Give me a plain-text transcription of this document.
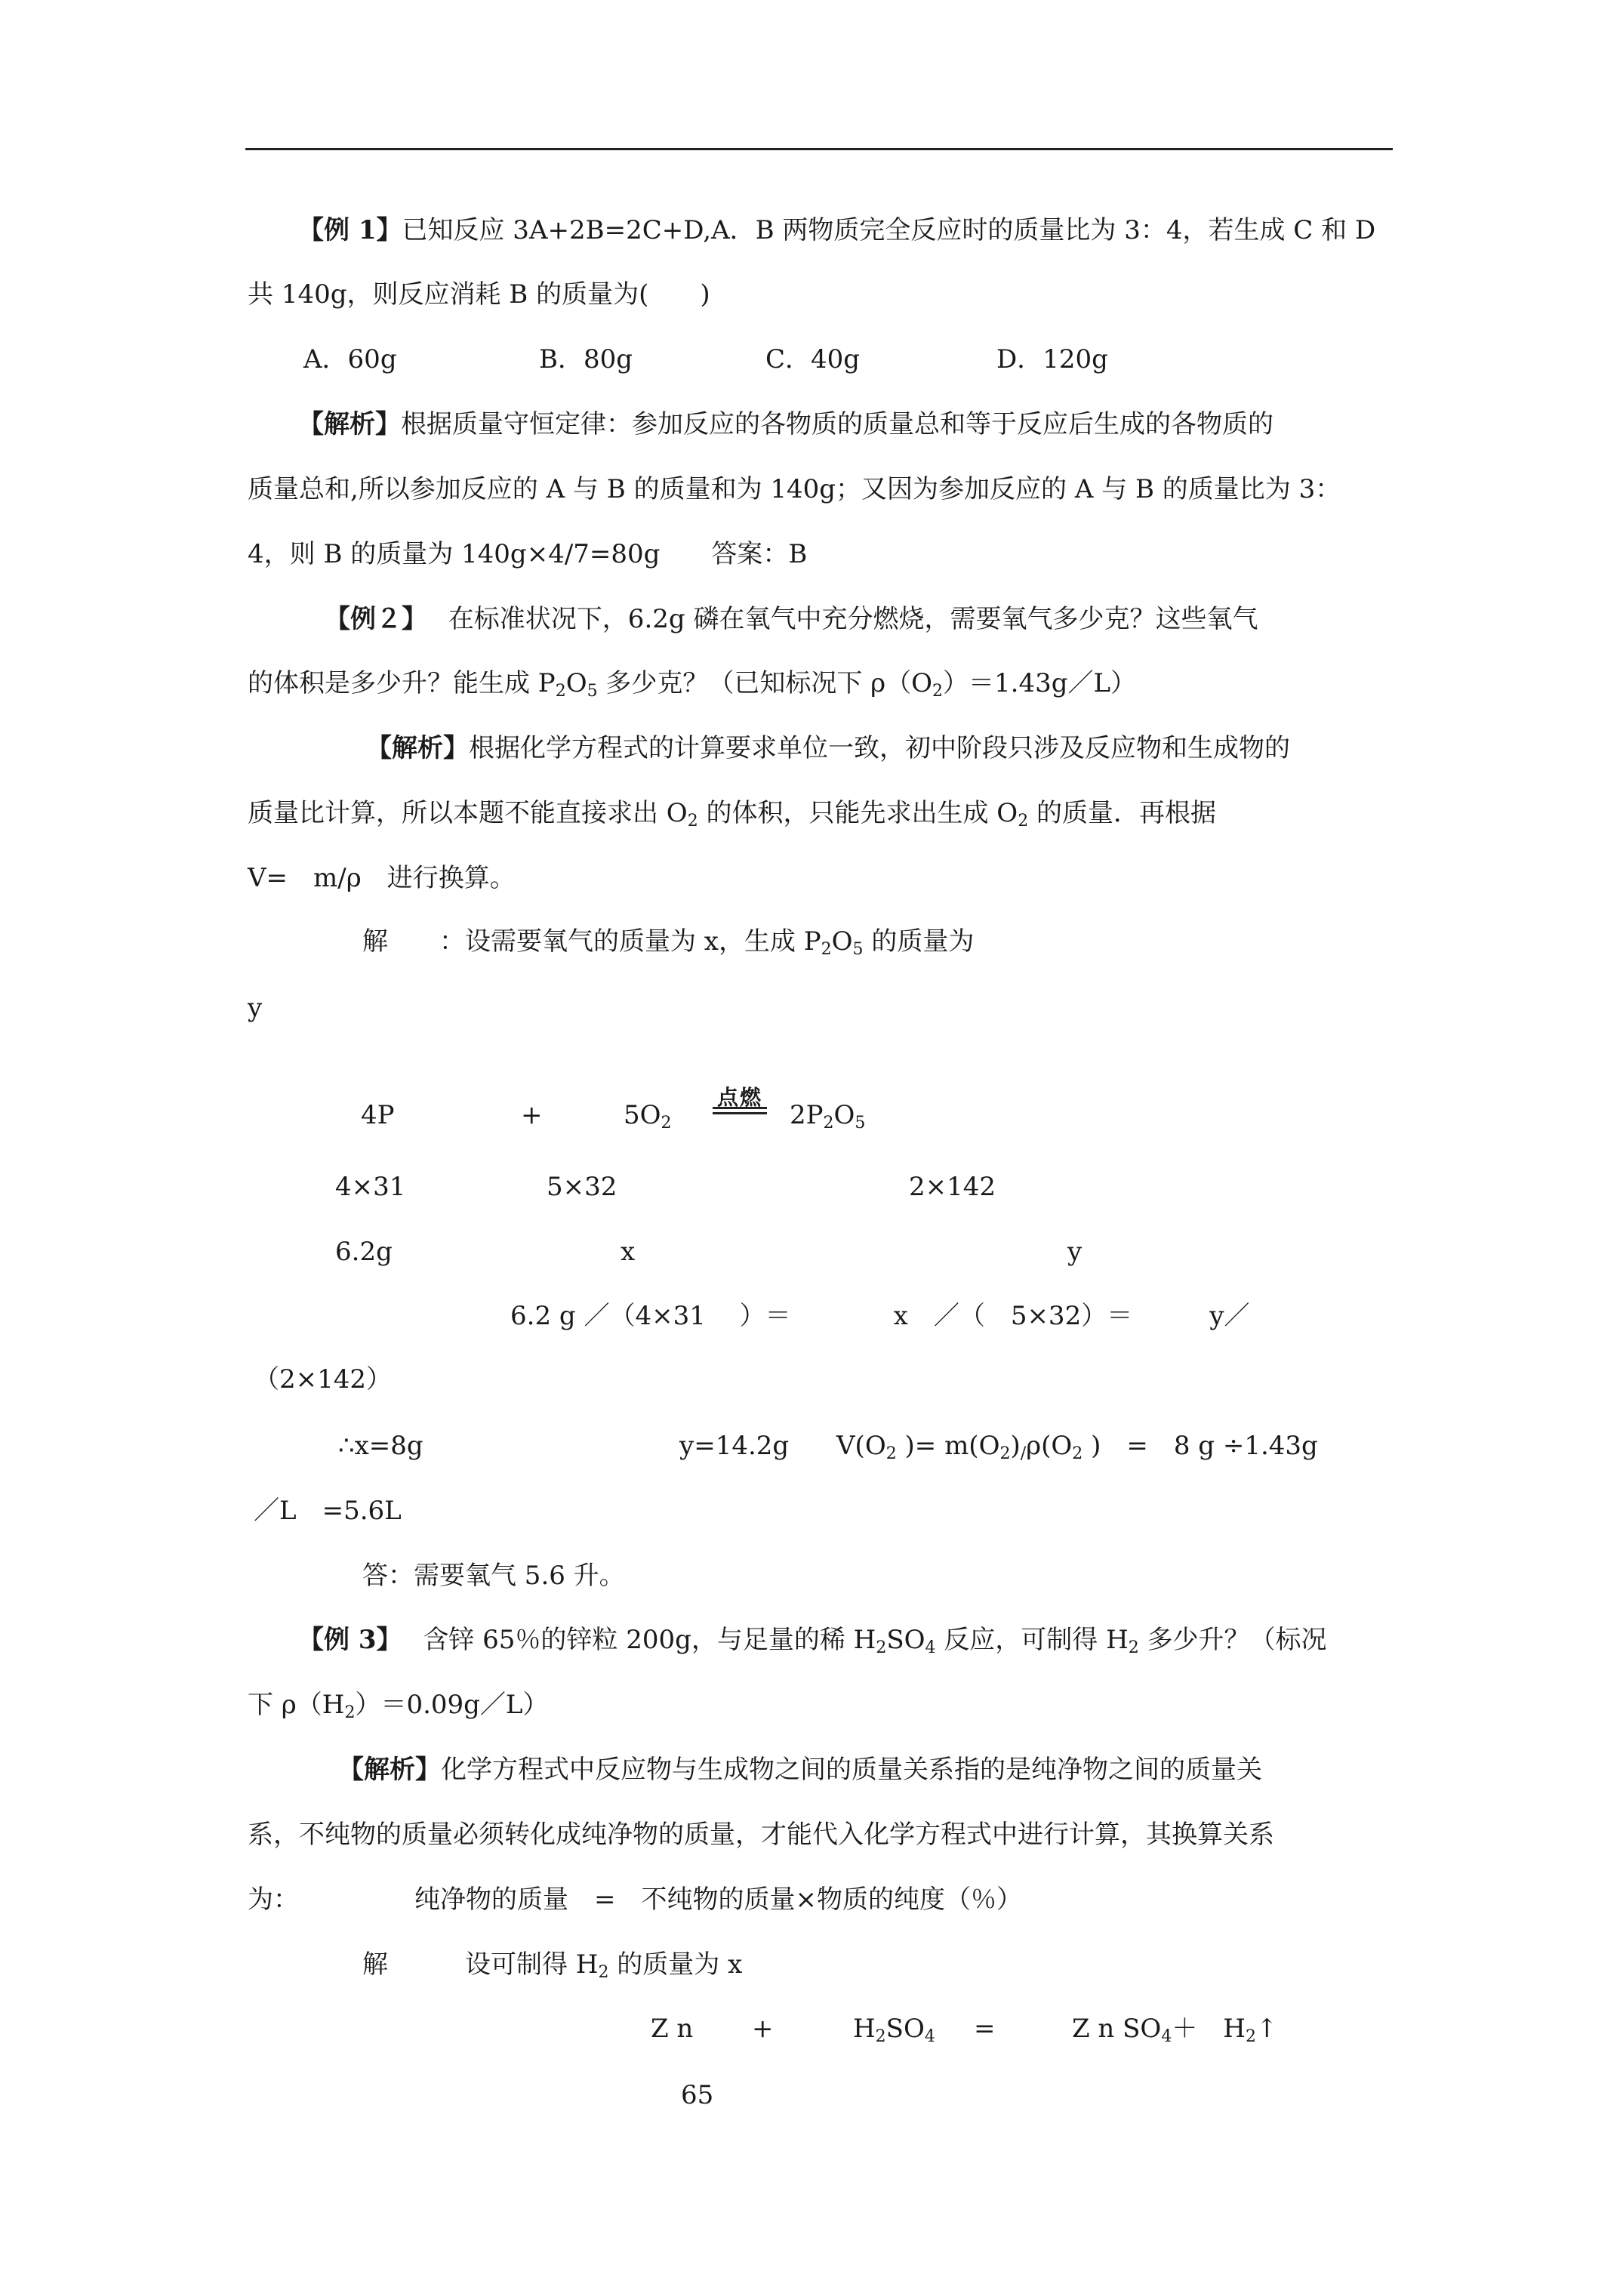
【例 1】已知反应 3A+2B=2C+D,A．B 两物质完全反应时的质量比为 3：4，若生成 C 和 D
共 140g，则反应消耗 B 的质量为(　　)
A．60g	B．80g	C．40g	D．120g
【解析】根据质量守恒定律：参加反应的各物质的质量总和等于反应后生成的各物质的
质量总和,所以参加反应的 A 与 B 的质量和为 140g；又因为参加反应的 A 与 B 的质量比为 3：
4，则 B 的质量为 140g×4/7=80g　　答案：B
【例２】　 在标准状况下，6.2g 磷在氧气中充分燃烧，需要氧气多少克？这些氧气
的体积是多少升？能生成 $P_2O_5$ 多少克？（已知标况下 $\rho(O_2)=1.43g/L$）
【解析】根据化学方程式的计算要求单位一致，初中阶段只涉及反应物和生成物的
质量比计算，所以本题不能直接求出 $O_2$ 的体积，只能先求出生成 $O_2$ 的质量．再根据
V=　m/ρ　进行换算。
解　　：设需要氧气的质量为 x，生成 $P_2O_5$ 的质量为
y
4P	+	$5O_2$
点燃
$2P_2O_5$
4×31	5×32	2×142
6.2g	x	y
6.2 g ／（4×31　 ）＝　　　　x　／（　5×32）＝　　　y／
（2×142）
∴x=8g	y=14.2g $V(O_2$ )= $m(O_2)_/\rho(O_2$ )　=　8 g ÷1.43g
／L　=5.6L
答：需要氧气 5.6 升。
【例 3】　 含锌 65％的锌粒 200g，与足量的稀 $H_2SO_4$ 反应，可制得 $H_2$ 多少升？（标况
下 $\rho(H_2)=0.09g/L$）
【解析】化学方程式中反应物与生成物之间的质量关系指的是纯净物之间的质量关
系，不纯物的质量必须转化成纯净物的质量，才能代入化学方程式中进行计算，其换算关系
为：　　　　　纯净物的质量　=　不纯物的质量×物质的纯度（％）
解　　　设可制得 $H_2$ 的质量为 x
Z n +	$H_2SO_4$ =	Z n $SO_4+$　$H_2↑$
65
